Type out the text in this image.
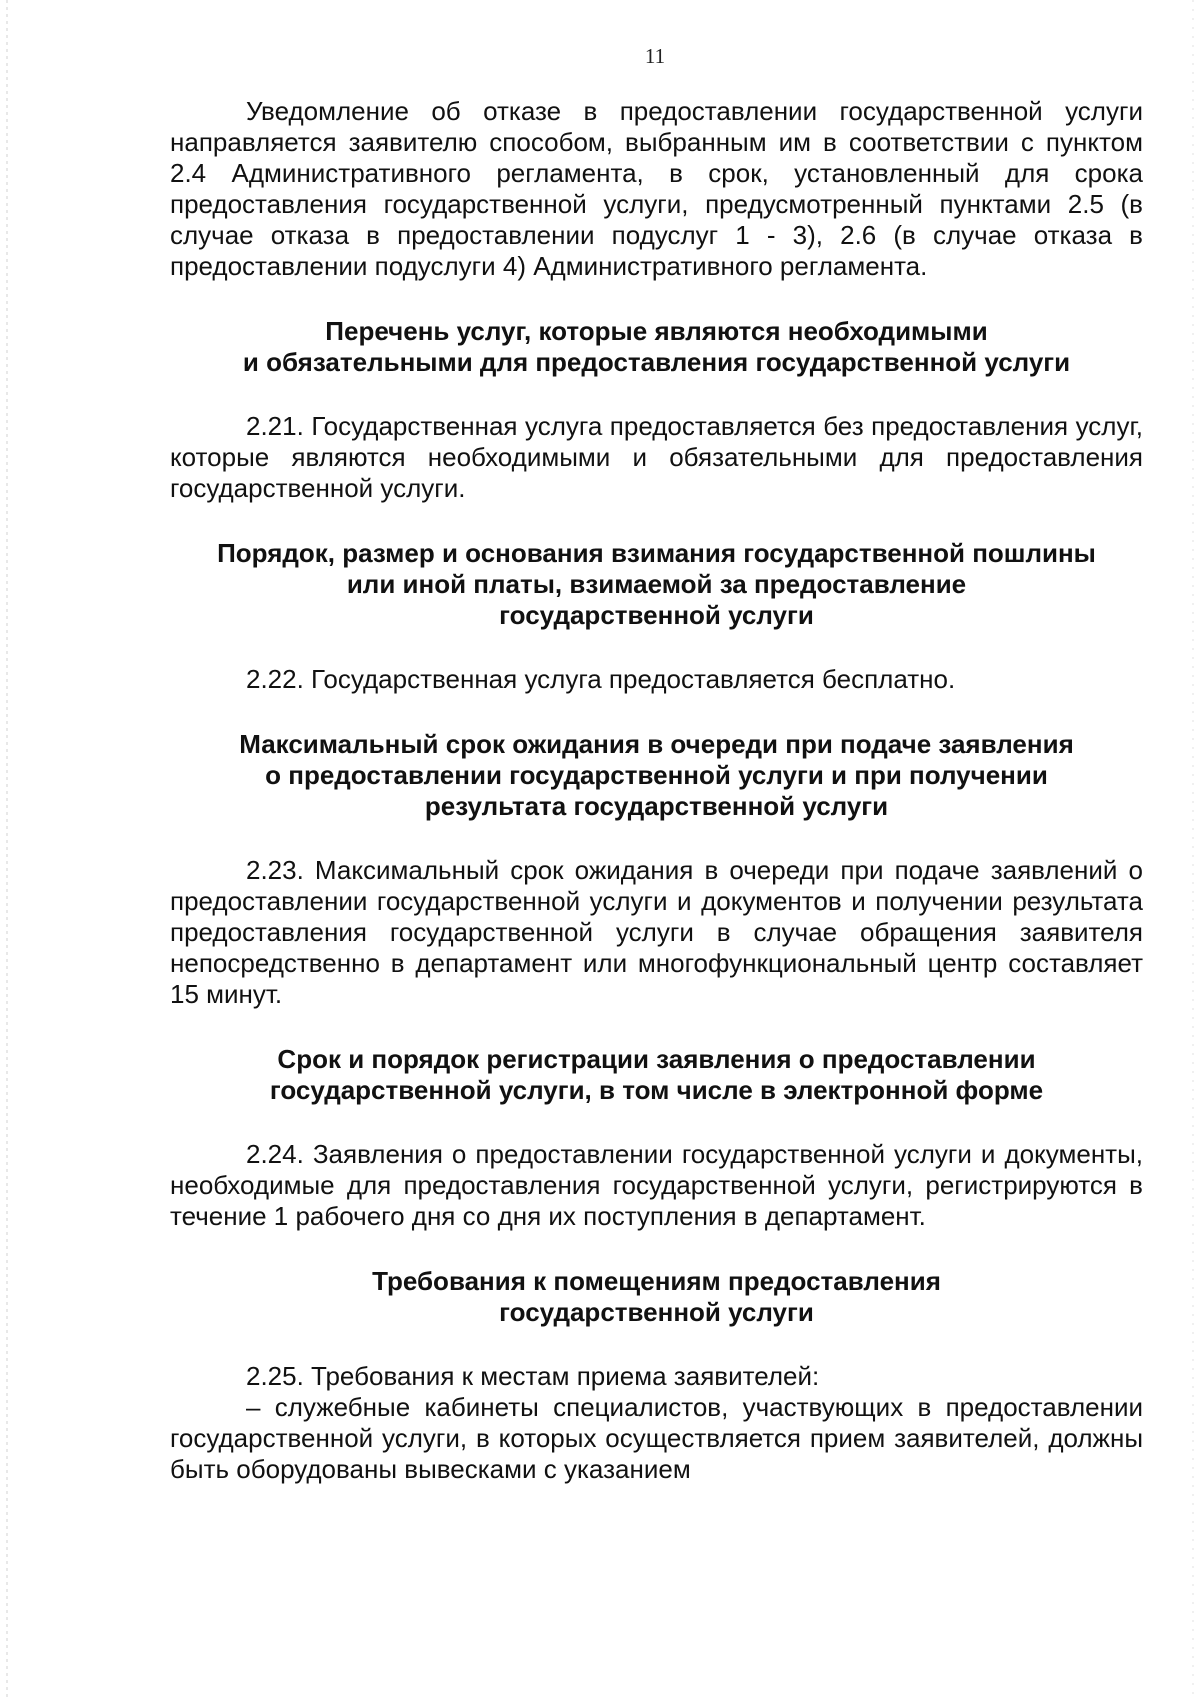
11

Уведомление об отказе в предоставлении государственной услуги направляется заявителю способом, выбранным им в соответствии с пунктом 2.4 Административного регламента, в срок, установленный для срока предоставления государственной услуги, предусмотренный пунктами 2.5 (в случае отказа в предоставлении подуслуг 1 - 3), 2.6 (в случае отказа в предоставлении подуслуги 4) Административного регламента.

Перечень услуг, которые являются необходимыми
и обязательными для предоставления государственной услуги

2.21. Государственная услуга предоставляется без предоставления услуг, которые являются необходимыми и обязательными для предоставления государственной услуги.

Порядок, размер и основания взимания государственной пошлины
или иной платы, взимаемой за предоставление
государственной услуги

2.22. Государственная услуга предоставляется бесплатно.

Максимальный срок ожидания в очереди при подаче заявления
о предоставлении государственной услуги и при получении
результата государственной услуги

2.23. Максимальный срок ожидания в очереди при подаче заявлений о предоставлении государственной услуги и документов и получении результата предоставления государственной услуги в случае обращения заявителя непосредственно в департамент или многофункциональный центр составляет 15 минут.

Срок и порядок регистрации заявления о предоставлении
государственной услуги, в том числе в электронной форме

2.24. Заявления о предоставлении государственной услуги и документы, необходимые для предоставления государственной услуги, регистрируются в течение 1 рабочего дня со дня их поступления в департамент.

Требования к помещениям предоставления
государственной услуги

2.25. Требования к местам приема заявителей:

– служебные кабинеты специалистов, участвующих в предоставлении государственной услуги, в которых осуществляется прием заявителей, должны быть оборудованы вывесками с указанием
